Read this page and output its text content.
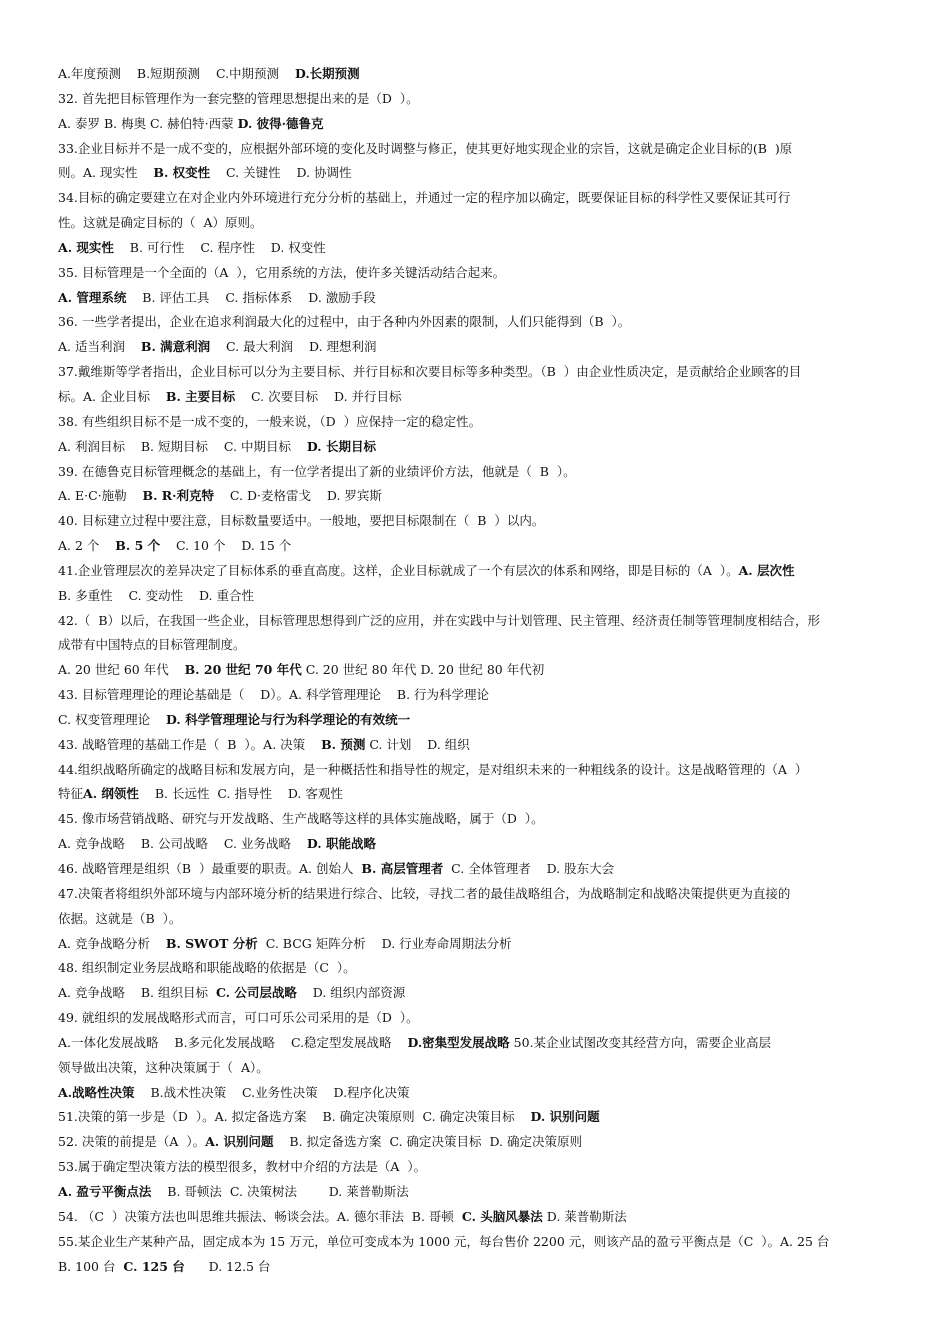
A.年度预测    B.短期预测    C.中期预测    D.长期预测
32. 首先把目标管理作为一套完整的管理思想提出来的是（D  ）。
A. 泰罗 B. 梅奥 C. 赫伯特·西蒙 D. 彼得·德鲁克
33.企业目标并不是一成不变的，应根据外部环境的变化及时调整与修正，使其更好地实现企业的宗旨，这就是确定企业目标的(B  )原
则。A. 现实性    B. 权变性    C. 关键性    D. 协调性
34.目标的确定要建立在对企业内外环境进行充分分析的基础上，并通过一定的程序加以确定，既要保证目标的科学性又要保证其可行
性。这就是确定目标的（  A）原则。
A. 现实性    B. 可行性    C. 程序性    D. 权变性
35. 目标管理是一个全面的（A  ），它用系统的方法，使许多关键活动结合起来。
A. 管理系统    B. 评估工具    C. 指标体系    D. 激励手段
36. 一些学者提出，企业在追求利润最大化的过程中，由于各种内外因素的限制，人们只能得到（B  ）。
A. 适当利润    B. 满意利润    C. 最大利润    D. 理想利润
37.戴维斯等学者指出，企业目标可以分为主要目标、并行目标和次要目标等多种类型。（B  ）由企业性质决定，是贡献给企业顾客的目
标。A. 企业目标    B. 主要目标    C. 次要目标    D. 并行目标
38. 有些组织目标不是一成不变的，一般来说，（D  ）应保持一定的稳定性。
A. 利润目标    B. 短期目标    C. 中期目标    D. 长期目标
39. 在德鲁克目标管理概念的基础上，有一位学者提出了新的业绩评价方法，他就是（  B  ）。
A. E·C·施勒    B. R·利克特    C. D·麦格雷戈    D. 罗宾斯
40. 目标建立过程中要注意，目标数量要适中。一般地，要把目标限制在（  B  ）以内。
A. 2 个    B. 5 个    C. 10 个    D. 15 个
41.企业管理层次的差异决定了目标体系的垂直高度。这样，企业目标就成了一个有层次的体系和网络，即是目标的（A  ）。A. 层次性
B. 多重性    C. 变动性    D. 重合性
42.（  B）以后，在我国一些企业，目标管理思想得到广泛的应用，并在实践中与计划管理、民主管理、经济责任制等管理制度相结合，形
成带有中国特点的目标管理制度。
A. 20 世纪 60 年代    B. 20 世纪 70 年代 C. 20 世纪 80 年代 D. 20 世纪 80 年代初
43. 目标管理理论的理论基础是（    D）。A. 科学管理理论    B. 行为科学理论
C. 权变管理理论    D. 科学管理理论与行为科学理论的有效统一
43. 战略管理的基础工作是（  B  ）。A. 决策    B. 预测 C. 计划    D. 组织
44.组织战略所确定的战略目标和发展方向，是一种概括性和指导性的规定，是对组织未来的一种粗线条的设计。这是战略管理的（A  ）
特征A. 纲领性    B. 长远性  C. 指导性    D. 客观性
45. 像市场营销战略、研究与开发战略、生产战略等这样的具体实施战略，属于（D  ）。
A. 竞争战略    B. 公司战略    C. 业务战略    D. 职能战略
46. 战略管理是组织（B  ）最重要的职责。A. 创始人  B. 高层管理者  C. 全体管理者    D. 股东大会
47.决策者将组织外部环境与内部环境分析的结果进行综合、比较，寻找二者的最佳战略组合，为战略制定和战略决策提供更为直接的
依据。这就是（B  ）。
A. 竞争战略分析    B. SWOT 分析  C. BCG 矩阵分析    D. 行业寿命周期法分析
48. 组织制定业务层战略和职能战略的依据是（C  ）。
A. 竞争战略    B. 组织目标  C. 公司层战略    D. 组织内部资源
49. 就组织的发展战略形式而言，可口可乐公司采用的是（D  ）。
A.一体化发展战略    B.多元化发展战略    C.稳定型发展战略    D.密集型发展战略 50.某企业试图改变其经营方向，需要企业高层
领导做出决策，这种决策属于（  A）。
A.战略性决策    B.战术性决策    C.业务性决策    D.程序化决策
51.决策的第一步是（D  ）。A. 拟定备选方案    B. 确定决策原则  C. 确定决策目标    D. 识别问题
52. 决策的前提是（A  ）。A. 识别问题    B. 拟定备选方案  C. 确定决策目标  D. 确定决策原则
53.属于确定型决策方法的模型很多，教材中介绍的方法是（A  ）。
A. 盈亏平衡点法    B. 哥顿法  C. 决策树法        D. 莱普勒斯法
54. （C  ）决策方法也叫思维共振法、畅谈会法。A. 德尔菲法  B. 哥顿  C. 头脑风暴法 D. 莱普勒斯法
55.某企业生产某种产品，固定成本为 15 万元，单位可变成本为 1000 元，每台售价 2200 元，则该产品的盈亏平衡点是（C  ）。A. 25 台
B. 100 台  C. 125 台      D. 12.5 台
